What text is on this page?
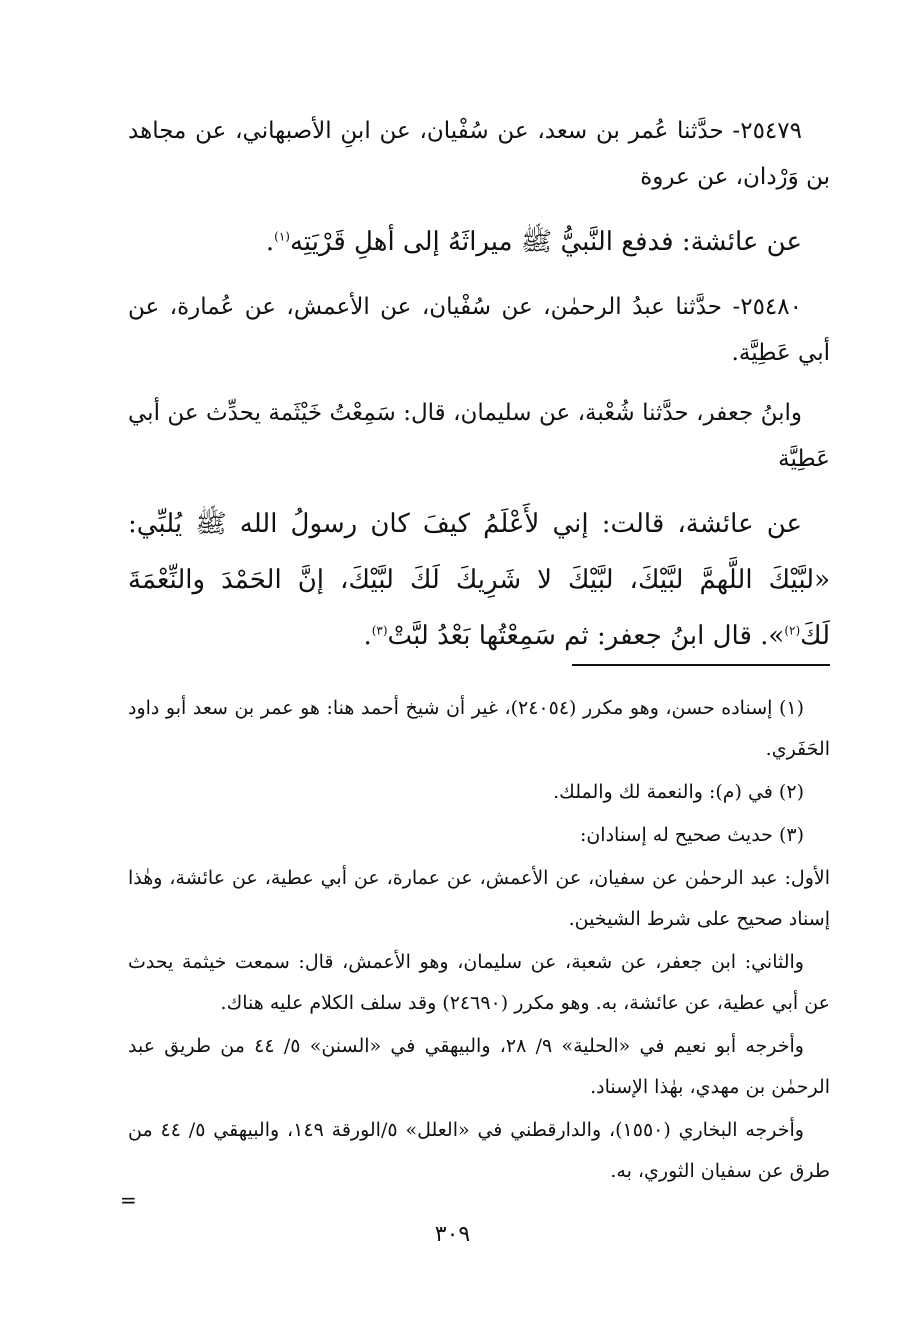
٢٥٤٧٩- حدَّثنا عُمر بن سعد، عن سُفْيان، عن ابنِ الأصبهاني، عن مجاهد بن وَرْدان، عن عروة

عن عائشة: فدفع النَّبيُّ ﷺ ميراثَهُ إلى أهلِ قَرْيَتِه$^{(١)}$.

٢٥٤٨٠- حدَّثنا عبدُ الرحمٰن، عن سُفْيان، عن الأعمش، عن عُمارة، عن أبي عَطِيَّة.

وابنُ جعفر، حدَّثنا شُعْبة، عن سليمان، قال: سَمِعْتُ خَيْثَمة يحدِّث عن أبي عَطِيَّة

عن عائشة، قالت: إني لأَعْلَمُ كيفَ كان رسولُ الله ﷺ يُلبِّي: «لبَّيْكَ اللَّهمَّ لبَّيْكَ، لبَّيْكَ لا شَرِيكَ لَكَ لبَّيْكَ، إنَّ الحَمْدَ والنِّعْمَةَ لَكَ$^{(٢)}$». قال ابنُ جعفر: ثم سَمِعْتُها بَعْدُ لبَّتْ$^{(٣)}$.

(١) إسناده حسن، وهو مكرر (٢٤٠٥٤)، غير أن شيخ أحمد هنا: هو عمر بن سعد أبو داود الحَفَري.

(٢) في (م): والنعمة لك والملك.

(٣) حديث صحيح له إسنادان:

الأول: عبد الرحمٰن عن سفيان، عن الأعمش، عن عمارة، عن أبي عطية، عن عائشة، وهٰذا إسناد صحيح على شرط الشيخين.

والثاني: ابن جعفر، عن شعبة، عن سليمان، وهو الأعمش، قال: سمعت خيثمة يحدث عن أبي عطية، عن عائشة، به. وهو مكرر (٢٤٦٩٠) وقد سلف الكلام عليه هناك.

وأخرجه أبو نعيم في «الحلية» ٩/ ٢٨، والبيهقي في «السنن» ٥/ ٤٤ من طريق عبد الرحمٰن بن مهدي، بهٰذا الإسناد.

وأخرجه البخاري (١٥٥٠)، والدارقطني في «العلل» ٥/الورقة ١٤٩، والبيهقي ٥/ ٤٤ من طرق عن سفيان الثوري، به.

=
٣٠٩
